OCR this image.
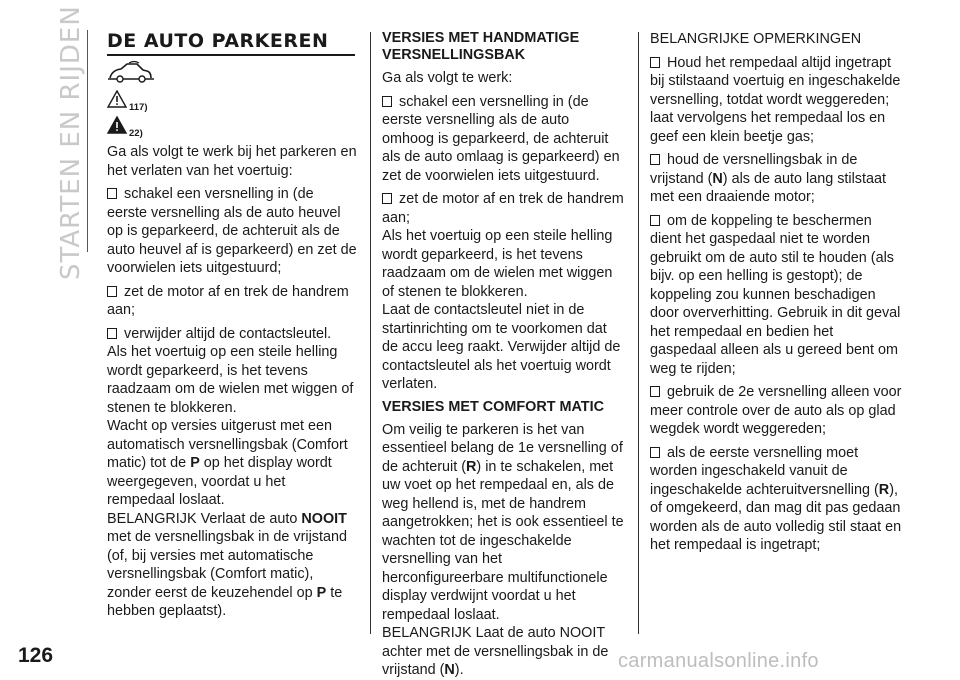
STARTEN EN RIJDEN
126
DE AUTO PARKEREN
117)
22)

Ga als volgt te werk bij het parkeren en het verlaten van het voertuig:

schakel een versnelling in (de eerste versnelling als de auto heuvel op is geparkeerd, de achteruit als de auto heuvel af is geparkeerd) en zet de voorwielen iets uitgestuurd;

zet de motor af en trek de handrem aan;

verwijder altijd de contactsleutel.

Als het voertuig op een steile helling wordt geparkeerd, is het tevens raadzaam om de wielen met wiggen of stenen te blokkeren.

Wacht op versies uitgerust met een automatisch versnellingsbak (Comfort matic) tot de P op het display wordt weergegeven, voordat u het rempedaal loslaat.

BELANGRIJK Verlaat de auto NOOIT met de versnellingsbak in de vrijstand (of, bij versies met automatische versnellingsbak (Comfort matic), zonder eerst de keuzehendel op P te hebben geplaatst).

VERSIES MET HANDMATIGE VERSNELLINGSBAK

Ga als volgt te werk:

schakel een versnelling in (de eerste versnelling als de auto omhoog is geparkeerd, de achteruit als de auto omlaag is geparkeerd) en zet de voorwielen iets uitgestuurd.

zet de motor af en trek de handrem aan;

Als het voertuig op een steile helling wordt geparkeerd, is het tevens raadzaam om de wielen met wiggen of stenen te blokkeren.

Laat de contactsleutel niet in de startinrichting om te voorkomen dat de accu leeg raakt. Verwijder altijd de contactsleutel als het voertuig wordt verlaten.

VERSIES MET COMFORT MATIC

Om veilig te parkeren is het van essentieel belang de 1e versnelling of de achteruit (R) in te schakelen, met uw voet op het rempedaal en, als de weg hellend is, met de handrem aangetrokken; het is ook essentieel te wachten tot de ingeschakelde versnelling van het herconfigureerbare multifunctionele display verdwijnt voordat u het rempedaal loslaat.

BELANGRIJK Laat de auto NOOIT achter met de versnellingsbak in de vrijstand (N).

BELANGRIJKE OPMERKINGEN

Houd het rempedaal altijd ingetrapt bij stilstaand voertuig en ingeschakelde versnelling, totdat wordt weggereden; laat vervolgens het rempedaal los en geef een klein beetje gas;

houd de versnellingsbak in de vrijstand (N) als de auto lang stilstaat met een draaiende motor;

om de koppeling te beschermen dient het gaspedaal niet te worden gebruikt om de auto stil te houden (als bijv. op een helling is gestopt); de koppeling zou kunnen beschadigen door oververhitting. Gebruik in dit geval het rempedaal en bedien het gaspedaal alleen als u gereed bent om weg te rijden;

gebruik de 2e versnelling alleen voor meer controle over de auto als op glad wegdek wordt weggereden;

als de eerste versnelling moet worden ingeschakeld vanuit de ingeschakelde achteruitversnelling (R), of omgekeerd, dan mag dit pas gedaan worden als de auto volledig stil staat en het rempedaal is ingetrapt;

carmanualsonline.info
